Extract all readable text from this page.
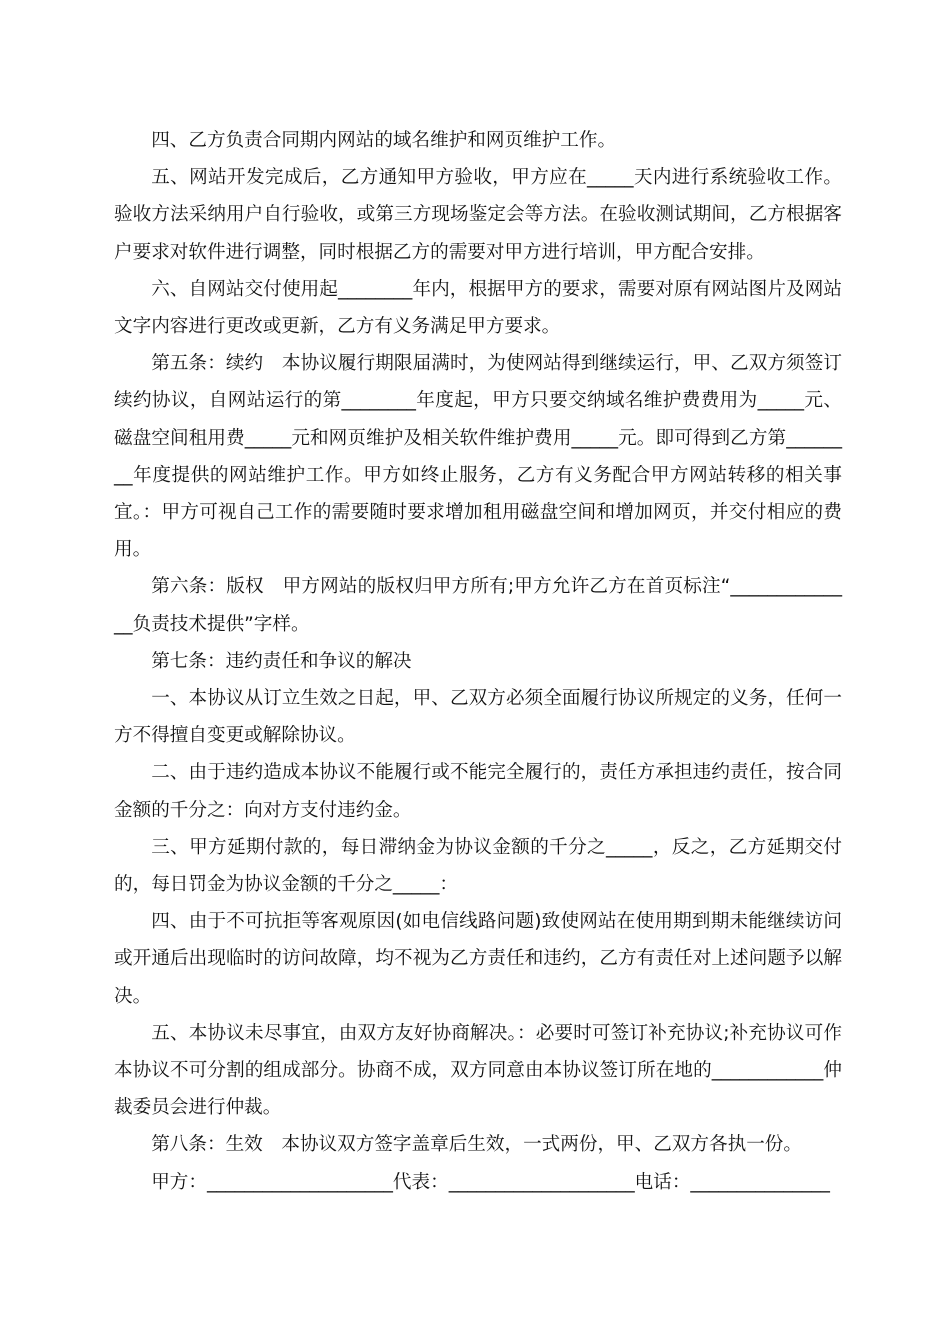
四、乙方负责合同期内网站的域名维护和网页维护工作。

五、网站开发完成后，乙方通知甲方验收，甲方应在_____天内进行系统验收工作。验收方法采纳用户自行验收，或第三方现场鉴定会等方法。在验收测试期间，乙方根据客户要求对软件进行调整，同时根据乙方的需要对甲方进行培训，甲方配合安排。

六、自网站交付使用起________年内，根据甲方的要求，需要对原有网站图片及网站文字内容进行更改或更新，乙方有义务满足甲方要求。

第五条：续约　本协议履行期限届满时，为使网站得到继续运行，甲、乙双方须签订续约协议，自网站运行的第________年度起，甲方只要交纳域名维护费费用为_____元、磁盘空间租用费_____元和网页维护及相关软件维护费用_____元。即可得到乙方第________年度提供的网站维护工作。甲方如终止服务，乙方有义务配合甲方网站转移的相关事宜。：甲方可视自己工作的需要随时要求增加租用磁盘空间和增加网页，并交付相应的费用。

第六条：版权　甲方网站的版权归甲方所有;甲方允许乙方在首页标注“______________负责技术提供”字样。

第七条：违约责任和争议的解决

一、本协议从订立生效之日起，甲、乙双方必须全面履行协议所规定的义务，任何一方不得擅自变更或解除协议。

二、由于违约造成本协议不能履行或不能完全履行的，责任方承担违约责任，按合同金额的千分之：向对方支付违约金。

三、甲方延期付款的，每日滞纳金为协议金额的千分之_____，反之，乙方延期交付的，每日罚金为协议金额的千分之_____：

四、由于不可抗拒等客观原因(如电信线路问题)致使网站在使用期到期未能继续访问或开通后出现临时的访问故障，均不视为乙方责任和违约，乙方有责任对上述问题予以解决。

五、本协议未尽事宜，由双方友好协商解决。：必要时可签订补充协议;补充协议可作本协议不可分割的组成部分。协商不成，双方同意由本协议签订所在地的____________仲裁委员会进行仲裁。

第八条：生效　本协议双方签字盖章后生效，一式两份，甲、乙双方各执一份。

甲方：____________________代表：____________________电话：_______________
